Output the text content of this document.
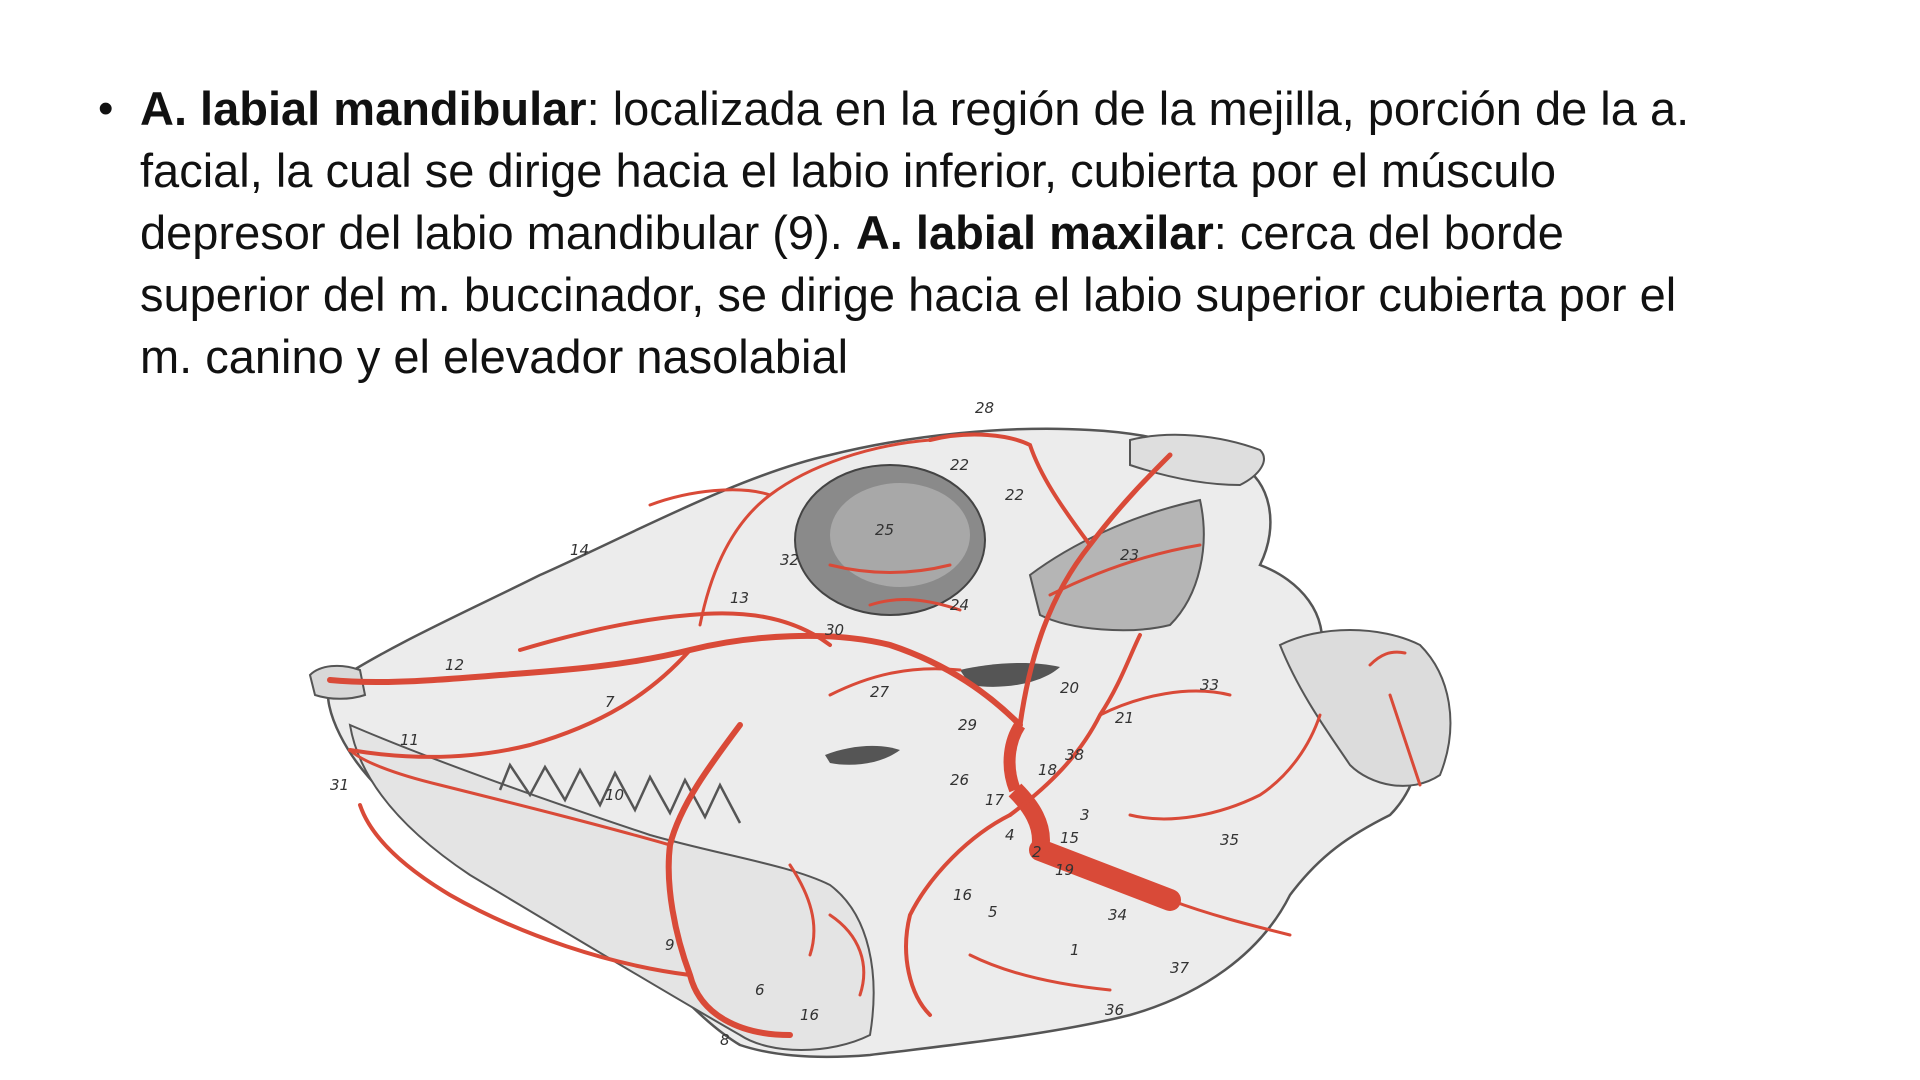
• A. labial mandibular: localizada en la región de la mejilla, porción de la a. facial, la cual se dirige hacia el labio inferior, cubierta por el músculo depresor del labio mandibular (9). A. labial maxilar: cerca del borde superior del m. buccinador, se dirige hacia el labio superior cubierta por el m. canino y el elevador nasolabial

28
22
22
14
25
32	23
13
30
24
12
33
20
27
7
21
29
11
38
18
26
31
10	17
3
15
4
2
35
19
16
5	34
9	1
6
37
16	36
8
